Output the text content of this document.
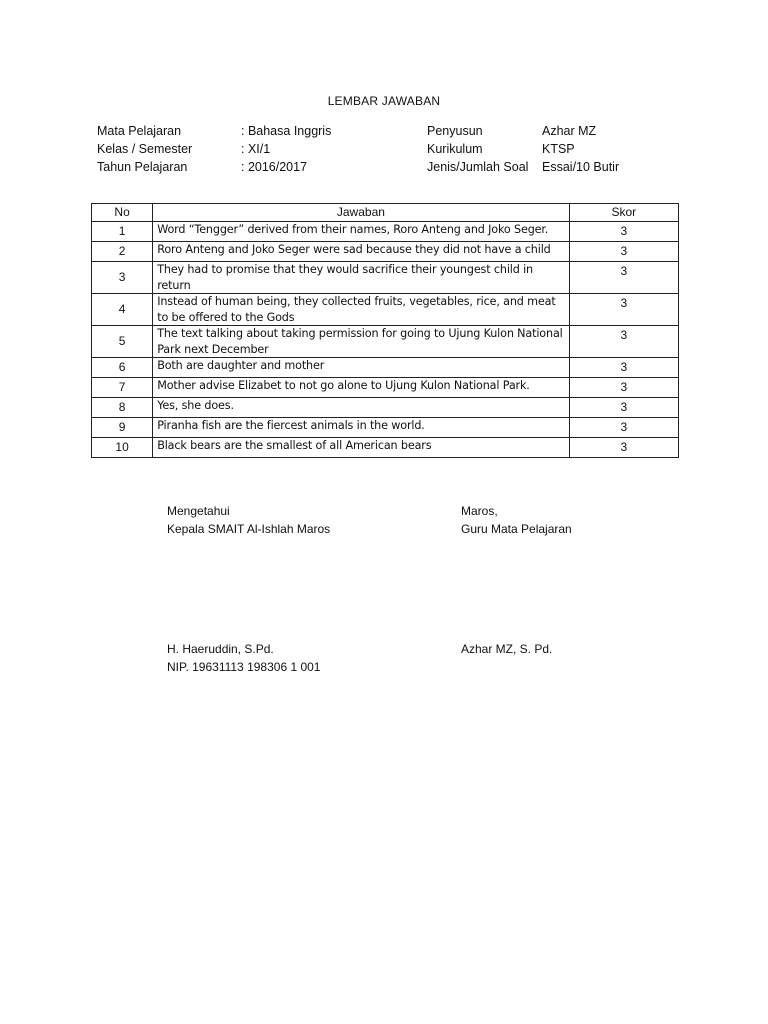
LEMBAR JAWABAN
Mata Pelajaran	: Bahasa Inggris
Kelas / Semester	: XI/1
Tahun Pelajaran	: 2016/2017
Penyusun	Azhar MZ
Kurikulum	KTSP
Jenis/Jumlah Soal Essai/10 Butir
No	Jawaban	Skor
1	Word “Tengger” derived from their names, Roro Anteng and Joko Seger.	3
2	Roro Anteng and Joko Seger were sad because they did not have a child	3
3	They had to promise that they would sacrifice their youngest child in return	3
4	Instead of human being, they collected fruits, vegetables, rice, and meat to be offered to the Gods	3
5	The text talking about taking permission for going to Ujung Kulon National Park next December	3
6	Both are daughter and mother	3
7	Mother advise Elizabet to not go alone to Ujung Kulon National Park.	3
8	Yes, she does.	3
9	Piranha fish are the fiercest animals in the world.	3
10	Black bears are the smallest of all American bears	3
Mengetahui
Kepala SMAIT Al-Ishlah Maros
Maros,
Guru Mata Pelajaran
H. Haeruddin, S.Pd.
NIP. 19631113 198306 1 001
Azhar MZ, S. Pd.
